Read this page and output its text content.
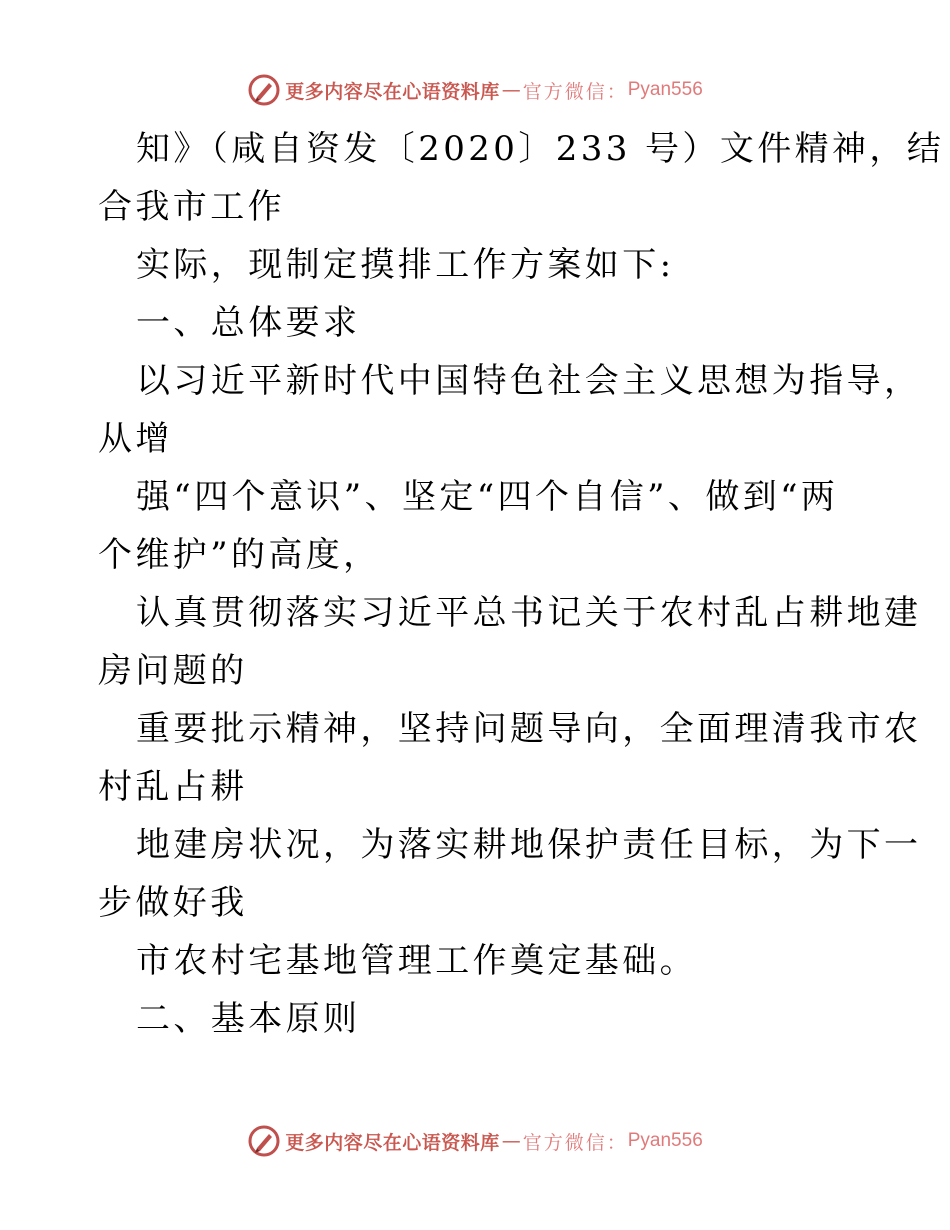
更多内容尽在心语资料库 — 官方微信： Pyan556
知》（咸自资发〔2020〕233 号）文件精神，结
合我市工作
实际，现制定摸排工作方案如下:
一、总体要求
以习近平新时代中国特色社会主义思想为指导，
从增
强“四个意识”、坚定“四个自信”、做到“两
个维护”的高度，
认真贯彻落实习近平总书记关于农村乱占耕地建
房问题的
重要批示精神，坚持问题导向，全面理清我市农
村乱占耕
地建房状况，为落实耕地保护责任目标，为下一
步做好我
市农村宅基地管理工作奠定基础。
二、基本原则
更多内容尽在心语资料库 — 官方微信： Pyan556
